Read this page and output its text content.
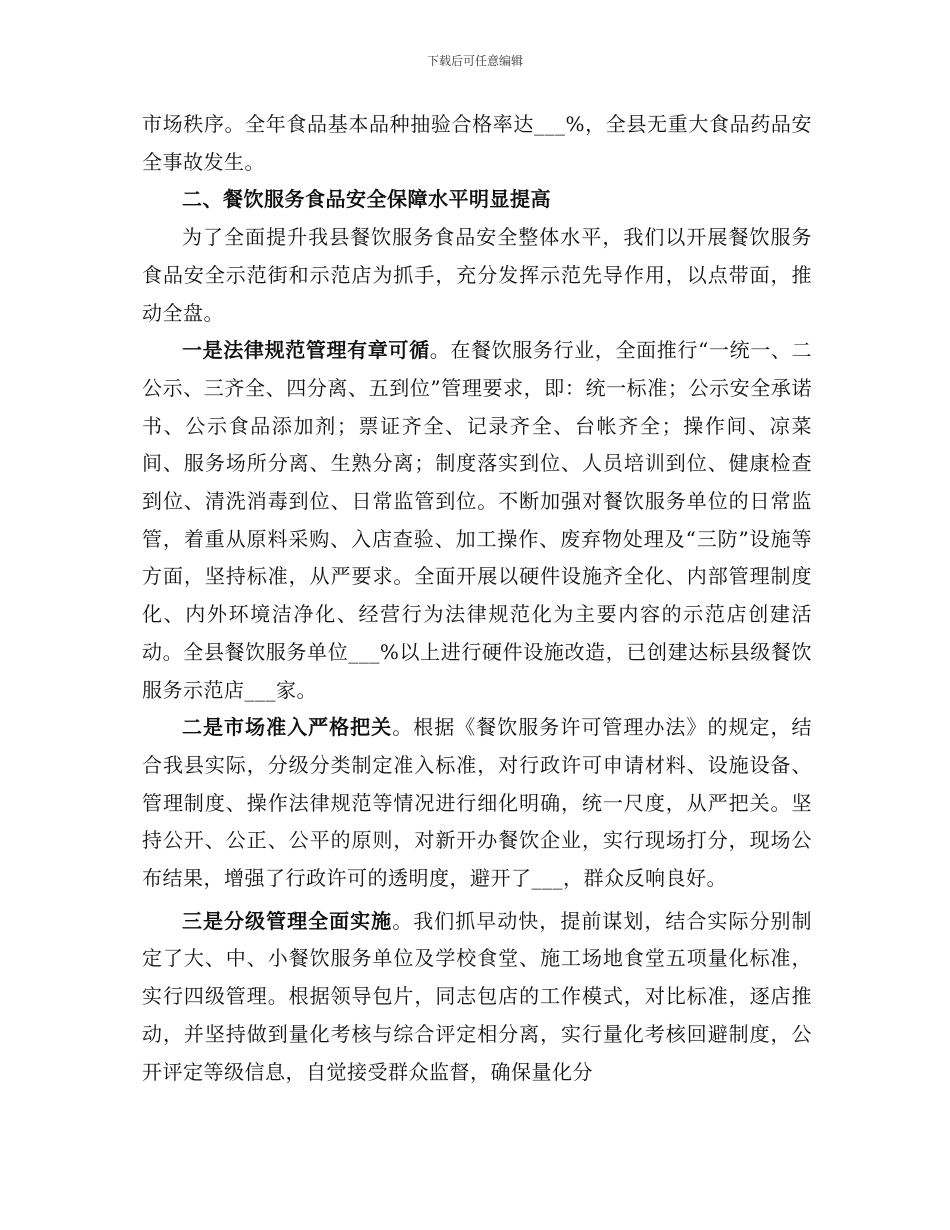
下载后可任意编辑

市场秩序。全年食品基本品种抽验合格率达___%，全县无重大食品药品安全事故发生。

二、餐饮服务食品安全保障水平明显提高

为了全面提升我县餐饮服务食品安全整体水平，我们以开展餐饮服务食品安全示范街和示范店为抓手，充分发挥示范先导作用，以点带面，推动全盘。

一是法律规范管理有章可循。在餐饮服务行业，全面推行“一统一、二公示、三齐全、四分离、五到位”管理要求，即：统一标准；公示安全承诺书、公示食品添加剂；票证齐全、记录齐全、台帐齐全；操作间、凉菜间、服务场所分离、生熟分离；制度落实到位、人员培训到位、健康检查到位、清洗消毒到位、日常监管到位。不断加强对餐饮服务单位的日常监管，着重从原料采购、入店查验、加工操作、废弃物处理及“三防”设施等方面，坚持标准，从严要求。全面开展以硬件设施齐全化、内部管理制度化、内外环境洁净化、经营行为法律规范化为主要内容的示范店创建活动。全县餐饮服务单位___%以上进行硬件设施改造，已创建达标县级餐饮服务示范店___家。

二是市场准入严格把关。根据《餐饮服务许可管理办法》的规定，结合我县实际，分级分类制定准入标准，对行政许可申请材料、设施设备、管理制度、操作法律规范等情况进行细化明确，统一尺度，从严把关。坚持公开、公正、公平的原则，对新开办餐饮企业，实行现场打分，现场公布结果，增强了行政许可的透明度，避开了___，群众反响良好。

三是分级管理全面实施。我们抓早动快，提前谋划，结合实际分别制定了大、中、小餐饮服务单位及学校食堂、施工场地食堂五项量化标准，实行四级管理。根据领导包片，同志包店的工作模式，对比标准，逐店推动，并坚持做到量化考核与综合评定相分离，实行量化考核回避制度，公开评定等级信息，自觉接受群众监督，确保量化分
